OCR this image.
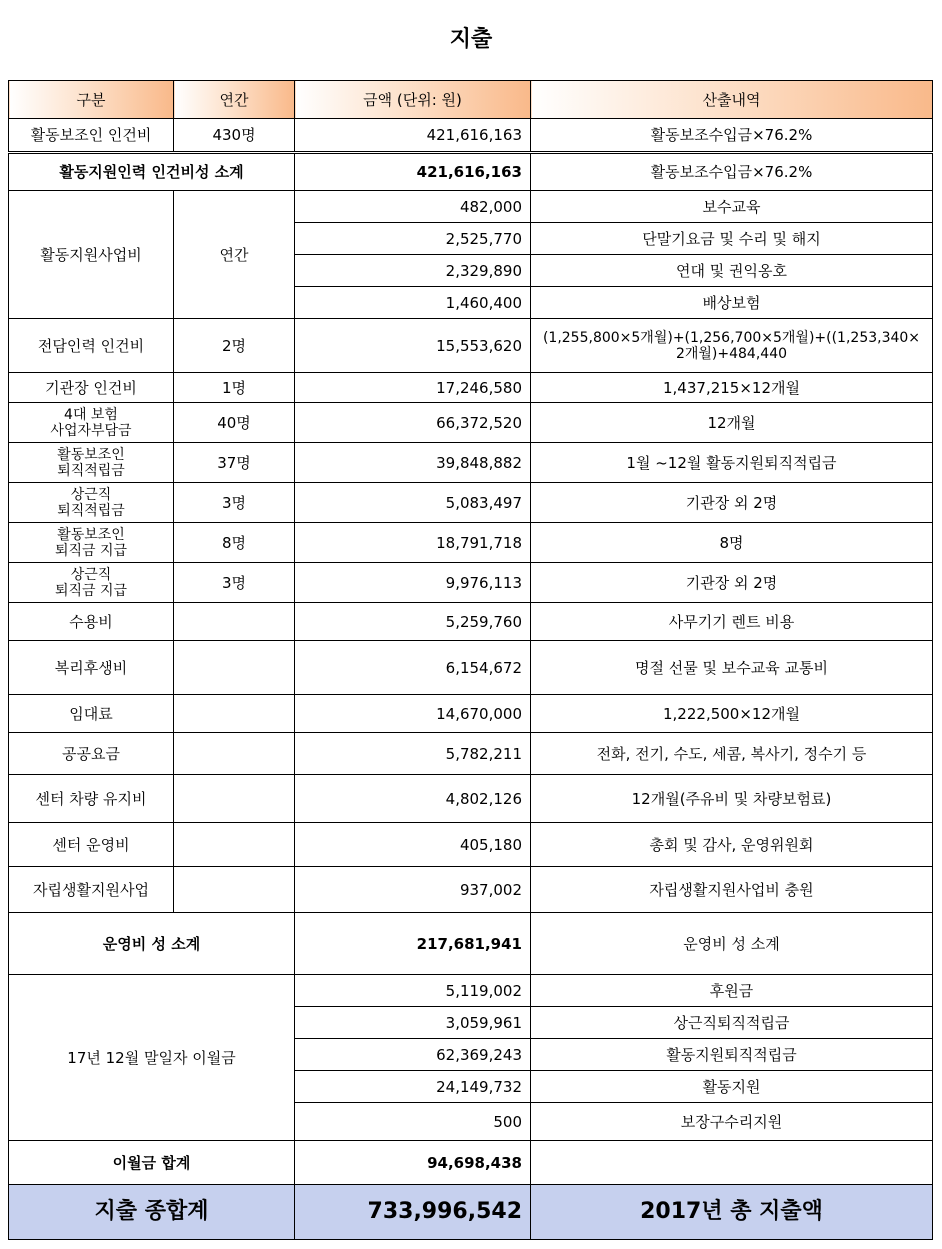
지출
구분	연간	금액 (단위: 원)	산출내역
활동보조인 인건비	430명	421,616,163	활동보조수입금×76.2%
활동지원인력 인건비성 소계		421,616,163	활동보조수입금×76.2%
활동지원사업비	연간	482,000	보수교육
		2,525,770	단말기요금 및 수리 및 해지
		2,329,890	연대 및 권익옹호
		1,460,400	배상보험
전담인력 인건비	2명	15,553,620	(1,255,800×5개월)+(1,256,700×5개월)+((1,253,340×2개월)+484,440
기관장 인건비	1명	17,246,580	1,437,215×12개월

4대 보험
사업자부담금	40명	66,372,520	12개월

활동보조인
퇴직적립금	37명	39,848,882	1월 ~12월 활동지원퇴직적립금

상근직
퇴직적립금	3명	5,083,497	기관장 외 2명

활동보조인
퇴직금 지급	8명	18,791,718	8명

상근직
퇴직금 지급	3명	9,976,113	기관장 외 2명
수용비		5,259,760	사무기기 렌트 비용
복리후생비		6,154,672	명절 선물 및 보수교육 교통비
임대료		14,670,000	1,222,500×12개월
공공요금		5,782,211	전화, 전기, 수도, 세콤, 복사기, 정수기 등
센터 차량 유지비		4,802,126	12개월(주유비 및 차량보험료)
센터 운영비		405,180	총회 및 감사, 운영위원회
자립생활지원사업		937,002	자립생활지원사업비 충원
운영비 성 소계		217,681,941	운영비 성 소계
17년 12월 말일자 이월금		5,119,002	후원금
		3,059,961	상근직퇴직적립금
		62,369,243	활동지원퇴직적립금
		24,149,732	활동지원
		500	보장구수리지원
이월금 합계		94,698,438	
지출 종합계		733,996,542	2017년 총 지출액
